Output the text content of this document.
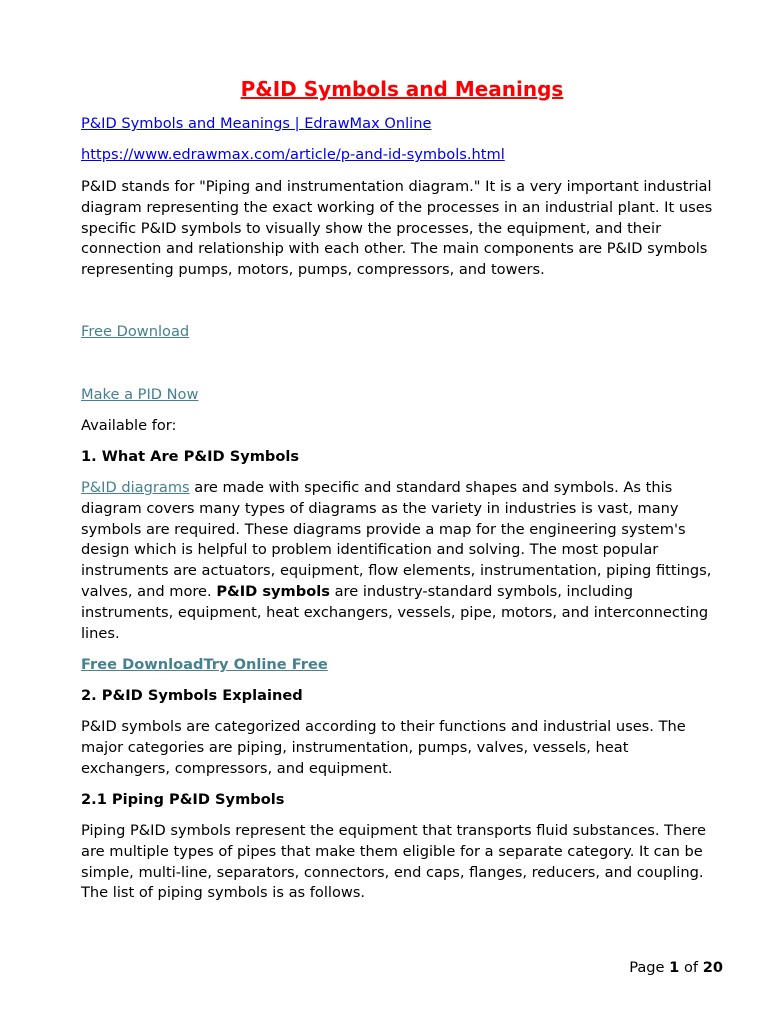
P&ID Symbols and Meanings
P&ID Symbols and Meanings | EdrawMax Online
https://www.edrawmax.com/article/p-and-id-symbols.html

P&ID stands for "Piping and instrumentation diagram." It is a very important industrial diagram representing the exact working of the processes in an industrial plant. It uses specific P&ID symbols to visually show the processes, the equipment, and their connection and relationship with each other. The main components are P&ID symbols representing pumps, motors, pumps, compressors, and towers.

Free Download
Make a PID Now
Available for:
1. What Are P&ID Symbols

P&ID diagrams are made with specific and standard shapes and symbols. As this diagram covers many types of diagrams as the variety in industries is vast, many symbols are required. These diagrams provide a map for the engineering system's design which is helpful to problem identification and solving. The most popular instruments are actuators, equipment, flow elements, instrumentation, piping fittings, valves, and more. P&ID symbols are industry-standard symbols, including instruments, equipment, heat exchangers, vessels, pipe, motors, and interconnecting lines.

Free DownloadTry Online Free
2. P&ID Symbols Explained

P&ID symbols are categorized according to their functions and industrial uses. The major categories are piping, instrumentation, pumps, valves, vessels, heat exchangers, compressors, and equipment.

2.1 Piping P&ID Symbols

Piping P&ID symbols represent the equipment that transports fluid substances. There are multiple types of pipes that make them eligible for a separate category. It can be simple, multi-line, separators, connectors, end caps, flanges, reducers, and coupling. The list of piping symbols is as follows.

Page 1 of 20
